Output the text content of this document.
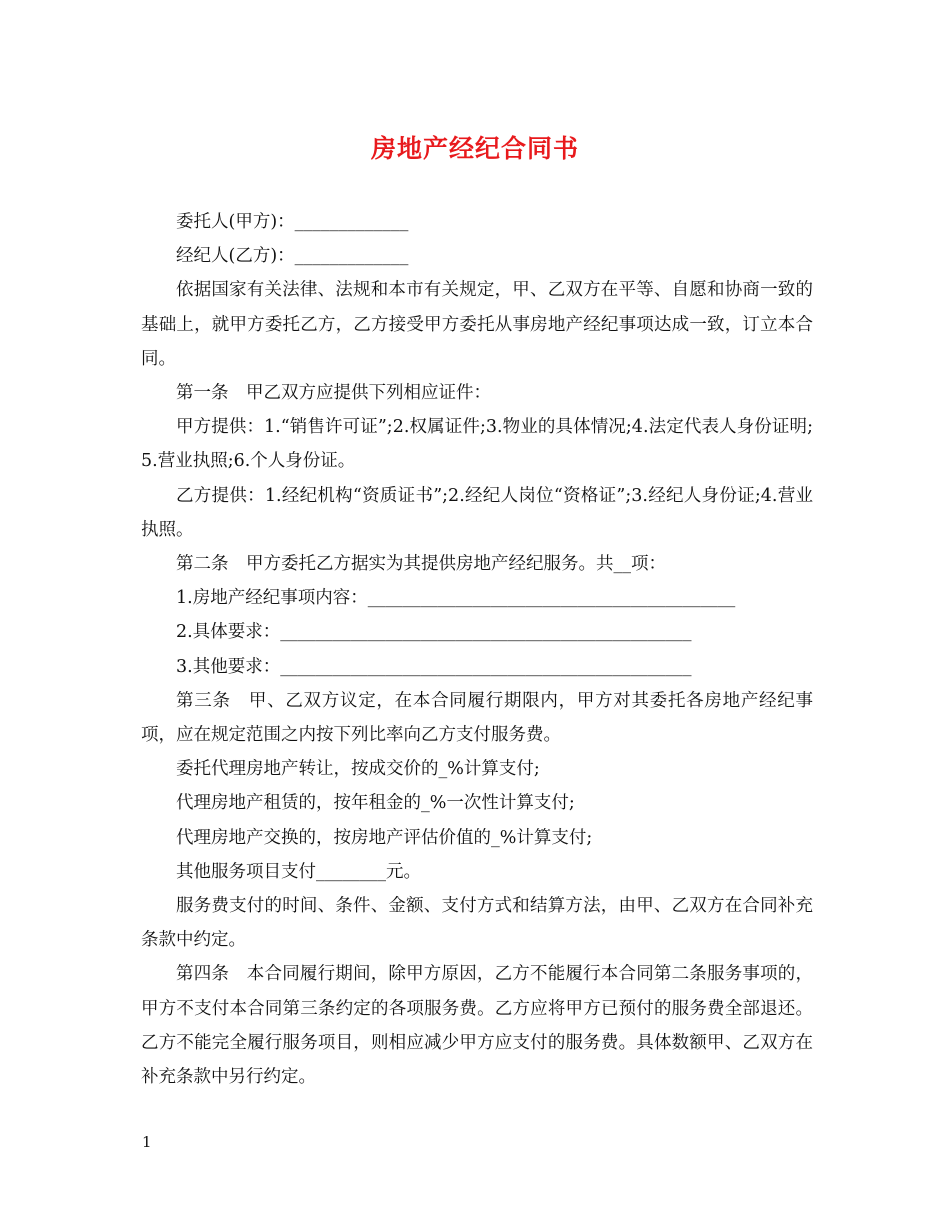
房地产经纪合同书

委托人(甲方)：_____________

经纪人(乙方)：_____________

依据国家有关法律、法规和本市有关规定，甲、乙双方在平等、自愿和协商一致的基础上，就甲方委托乙方，乙方接受甲方委托从事房地产经纪事项达成一致，订立本合同。

第一条　甲乙双方应提供下列相应证件：

甲方提供：1.“销售许可证”;2.权属证件;3.物业的具体情况;4.法定代表人身份证明;5.营业执照;6.个人身份证。

乙方提供：1.经纪机构“资质证书”;2.经纪人岗位“资格证”;3.经纪人身份证;4.营业执照。

第二条　甲方委托乙方据实为其提供房地产经纪服务。共__项：

1.房地产经纪事项内容：__________________________________________

2.具体要求：_______________________________________________

3.其他要求：_______________________________________________

第三条　甲、乙双方议定，在本合同履行期限内，甲方对其委托各房地产经纪事项，应在规定范围之内按下列比率向乙方支付服务费。

委托代理房地产转让，按成交价的_%计算支付;

代理房地产租赁的，按年租金的_%一次性计算支付;

代理房地产交换的，按房地产评估价值的_%计算支付;

其他服务项目支付________元。

服务费支付的时间、条件、金额、支付方式和结算方法，由甲、乙双方在合同补充条款中约定。

第四条　本合同履行期间，除甲方原因，乙方不能履行本合同第二条服务事项的，甲方不支付本合同第三条约定的各项服务费。乙方应将甲方已预付的服务费全部退还。乙方不能完全履行服务项目，则相应减少甲方应支付的服务费。具体数额甲、乙双方在补充条款中另行约定。

1
